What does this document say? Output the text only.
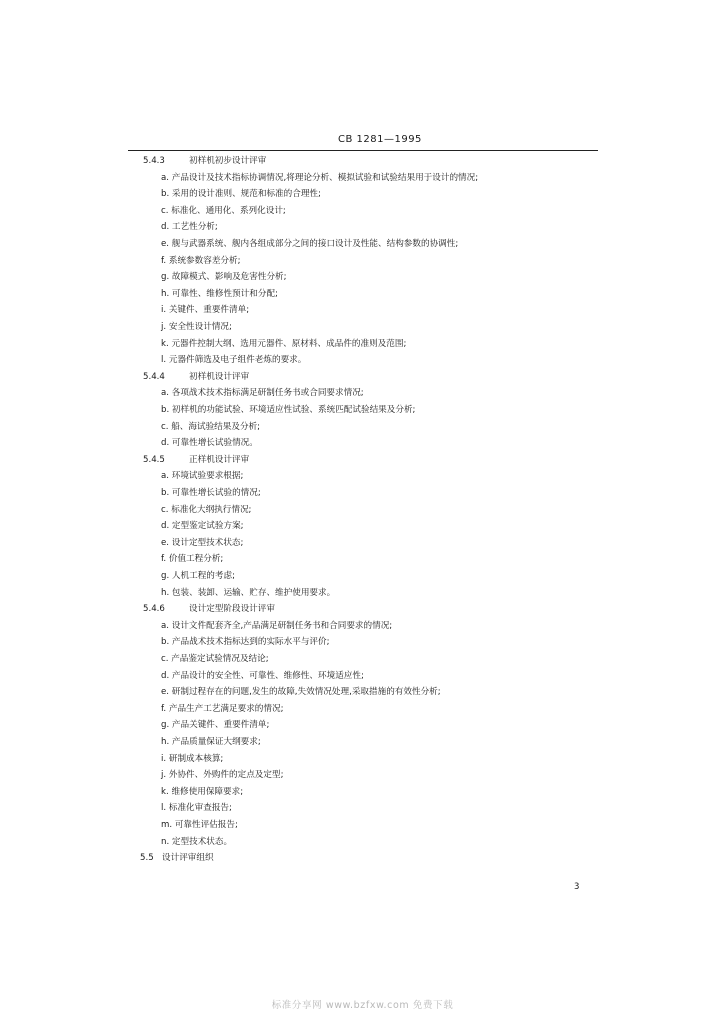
CB 1281—1995
5.4.3	初样机初步设计评审
a. 产品设计及技术指标协调情况,将理论分析、模拟试验和试验结果用于设计的情况;
b. 采用的设计准则、规范和标准的合理性;
c. 标准化、通用化、系列化设计;
d. 工艺性分析;
e. 舰与武器系统、舰内各组成部分之间的接口设计及性能、结构参数的协调性;
f. 系统参数容差分析;
g. 故障模式、影响及危害性分析;
h. 可靠性、维修性预计和分配;
i. 关键件、重要件清单;
j. 安全性设计情况;
k. 元器件控制大纲、选用元器件、原材料、成品件的准则及范围;
l. 元器件筛选及电子组件老炼的要求。
5.4.4	初样机设计评审
a. 各项战术技术指标满足研制任务书或合同要求情况;
b. 初样机的功能试验、环境适应性试验、系统匹配试验结果及分析;
c. 船、海试验结果及分析;
d. 可靠性增长试验情况。
5.4.5	正样机设计评审
a. 环境试验要求根据;
b. 可靠性增长试验的情况;
c. 标准化大纲执行情况;
d. 定型鉴定试验方案;
e. 设计定型技术状态;
f. 价值工程分析;
g. 人机工程的考虑;
h. 包装、装卸、运输、贮存、维护使用要求。
5.4.6	设计定型阶段设计评审
a. 设计文件配套齐全,产品满足研制任务书和合同要求的情况;
b. 产品战术技术指标达到的实际水平与评价;
c. 产品鉴定试验情况及结论;
d. 产品设计的安全性、可靠性、维修性、环境适应性;
e. 研制过程存在的问题,发生的故障,失效情况处理,采取措施的有效性分析;
f. 产品生产工艺满足要求的情况;
g. 产品关键件、重要件清单;
h. 产品质量保证大纲要求;
i. 研制成本核算;
j. 外协件、外购件的定点及定型;
k. 维修使用保障要求;
l. 标准化审查报告;
m. 可靠性评估报告;
n. 定型技术状态。
5.5 设计评审组织
3
标准分享网 www.bzfxw.com 免费下载
